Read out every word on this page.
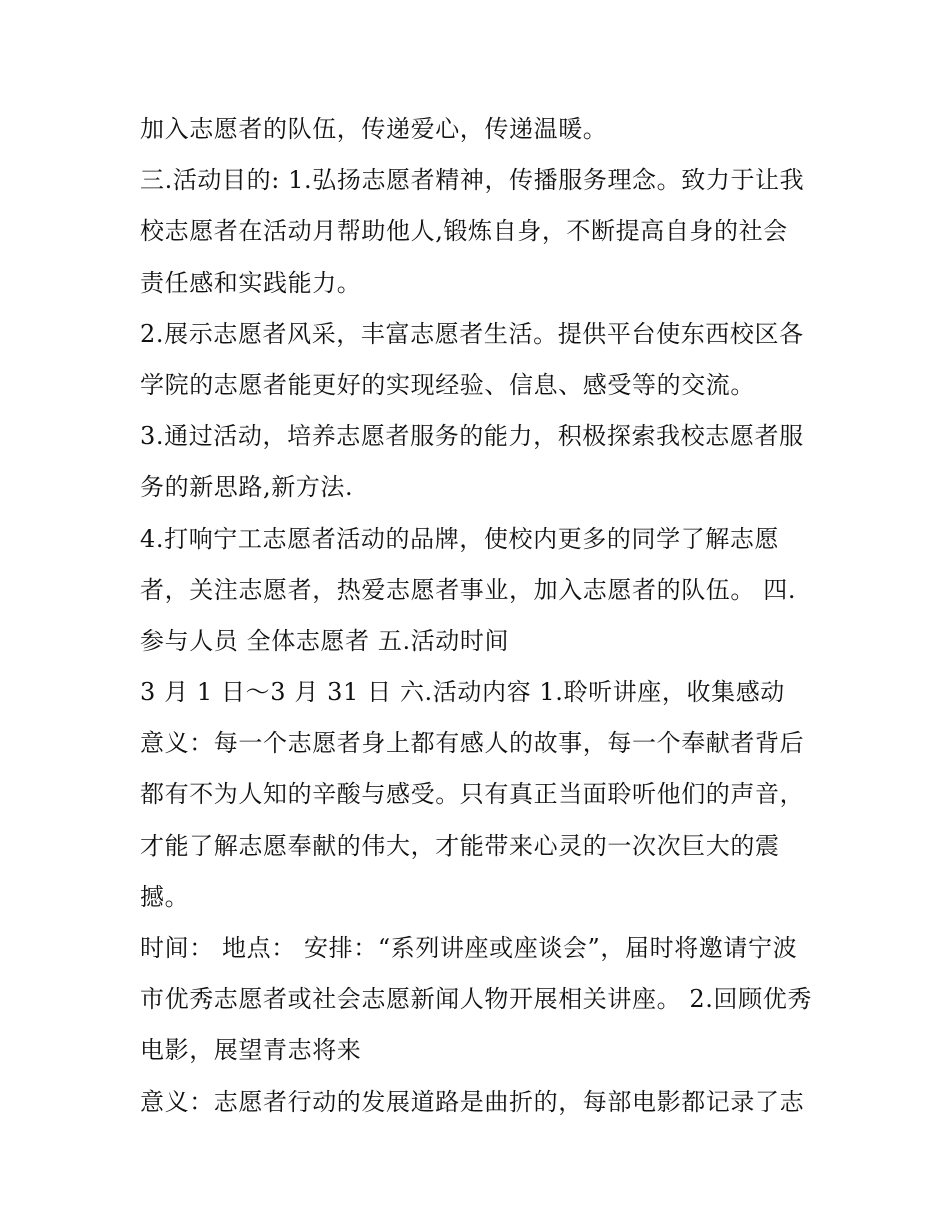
加入志愿者的队伍，传递爱心，传递温暖。
三.活动目的: 1.弘扬志愿者精神，传播服务理念。致力于让我
校志愿者在活动月帮助他人,锻炼自身，不断提高自身的社会
责任感和实践能力。
2.展示志愿者风采，丰富志愿者生活。提供平台使东西校区各
学院的志愿者能更好的实现经验、信息、感受等的交流。
3.通过活动，培养志愿者服务的能力，积极探索我校志愿者服
务的新思路,新方法.
4.打响宁工志愿者活动的品牌，使校内更多的同学了解志愿
者，关注志愿者，热爱志愿者事业，加入志愿者的队伍。 四.
参与人员 全体志愿者 五.活动时间
3 月 1 日～3 月 31 日 六.活动内容 1.聆听讲座，收集感动
意义：每一个志愿者身上都有感人的故事，每一个奉献者背后
都有不为人知的辛酸与感受。只有真正当面聆听他们的声音，
才能了解志愿奉献的伟大，才能带来心灵的一次次巨大的震
撼。
时间： 地点： 安排：“系列讲座或座谈会”，届时将邀请宁波
市优秀志愿者或社会志愿新闻人物开展相关讲座。 2.回顾优秀
电影，展望青志将来
意义：志愿者行动的发展道路是曲折的，每部电影都记录了志
